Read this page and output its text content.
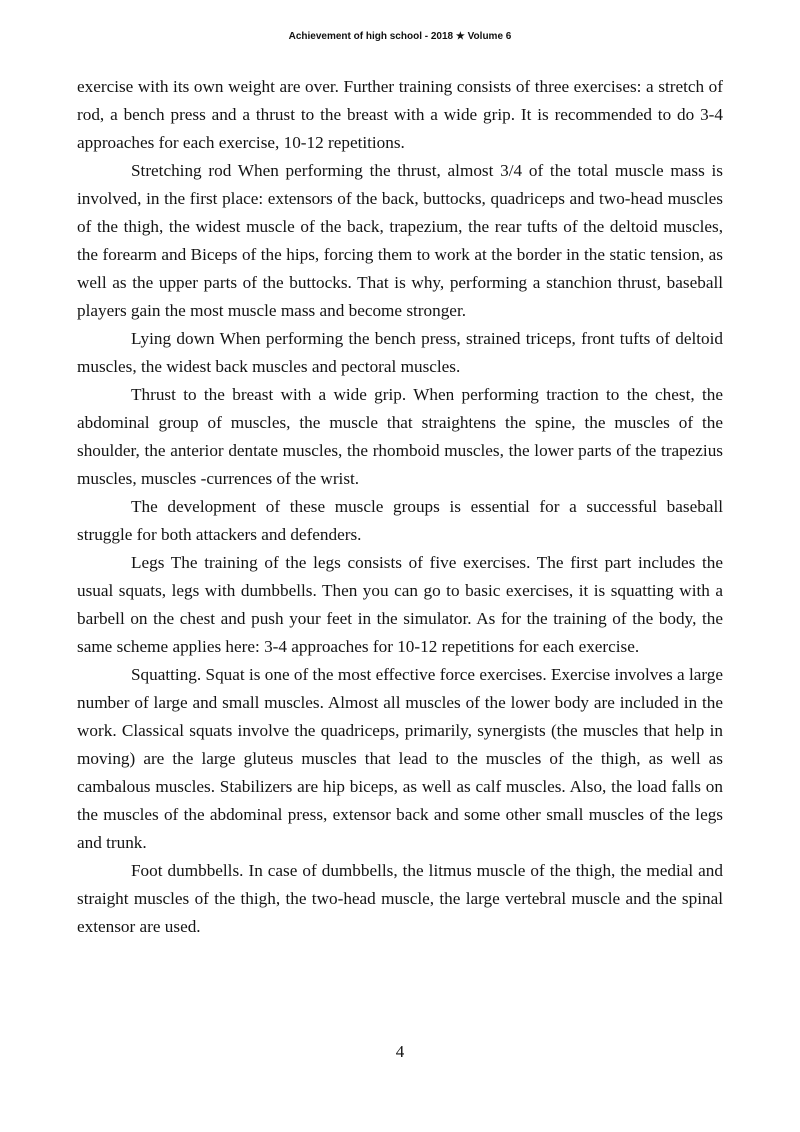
Achievement of high school - 2018 ★ Volume 6

exercise with its own weight are over. Further training consists of three exercises: a stretch of rod, a bench press and a thrust to the breast with a wide grip. It is recommended to do 3-4 approaches for each exercise, 10-12 repetitions.

Stretching rod When performing the thrust, almost 3/4 of the total muscle mass is involved, in the first place: extensors of the back, buttocks, quadriceps and two-head muscles of the thigh, the widest muscle of the back, trapezium, the rear tufts of the deltoid muscles, the forearm and Biceps of the hips, forcing them to work at the border in the static tension, as well as the upper parts of the buttocks. That is why, performing a stanchion thrust, baseball players gain the most muscle mass and become stronger.

Lying down When performing the bench press, strained triceps, front tufts of deltoid muscles, the widest back muscles and pectoral muscles.

Thrust to the breast with a wide grip. When performing traction to the chest, the abdominal group of muscles, the muscle that straightens the spine, the muscles of the shoulder, the anterior dentate muscles, the rhomboid muscles, the lower parts of the trapezius muscles, muscles -currences of the wrist.

The development of these muscle groups is essential for a successful baseball struggle for both attackers and defenders.

Legs The training of the legs consists of five exercises. The first part includes the usual squats, legs with dumbbells. Then you can go to basic exercises, it is squatting with a barbell on the chest and push your feet in the simulator. As for the training of the body, the same scheme applies here: 3-4 approaches for 10-12 repetitions for each exercise.

Squatting. Squat is one of the most effective force exercises. Exercise involves a large number of large and small muscles. Almost all muscles of the lower body are included in the work. Classical squats involve the quadriceps, primarily, synergists (the muscles that help in moving) are the large gluteus muscles that lead to the muscles of the thigh, as well as cambalous muscles. Stabilizers are hip biceps, as well as calf muscles. Also, the load falls on the muscles of the abdominal press, extensor back and some other small muscles of the legs and trunk.

Foot dumbbells. In case of dumbbells, the litmus muscle of the thigh, the medial and straight muscles of the thigh, the two-head muscle, the large vertebral muscle and the spinal extensor are used.

4
